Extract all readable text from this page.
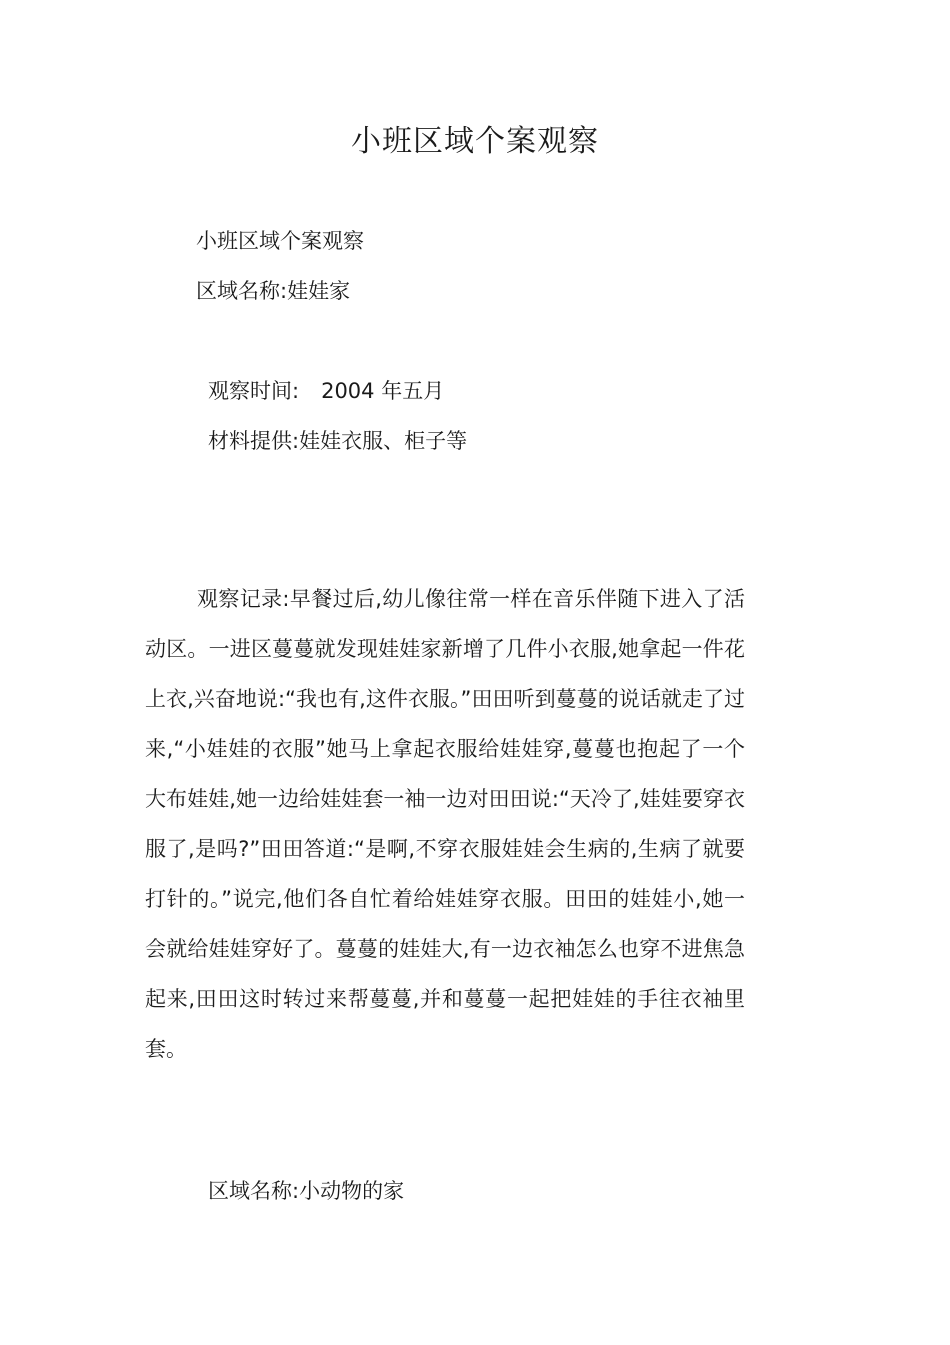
小班区域个案观察

小班区域个案观察

区域名称:娃娃家

观察时间: 2004 年五月

材料提供:娃娃衣服、柜子等

观察记录:早餐过后,幼儿像往常一样在音乐伴随下进入了活动区。一进区蔓蔓就发现娃娃家新增了几件小衣服,她拿起一件花上衣,兴奋地说:“我也有,这件衣服。”田田听到蔓蔓的说话就走了过来,“小娃娃的衣服”她马上拿起衣服给娃娃穿,蔓蔓也抱起了一个大布娃娃,她一边给娃娃套一袖一边对田田说:“天冷了,娃娃要穿衣服了,是吗?”田田答道:“是啊,不穿衣服娃娃会生病的,生病了就要打针的。”说完,他们各自忙着给娃娃穿衣服。田田的娃娃小,她一会就给娃娃穿好了。蔓蔓的娃娃大,有一边衣袖怎么也穿不进焦急起来,田田这时转过来帮蔓蔓,并和蔓蔓一起把娃娃的手往衣袖里套。

区域名称:小动物的家
